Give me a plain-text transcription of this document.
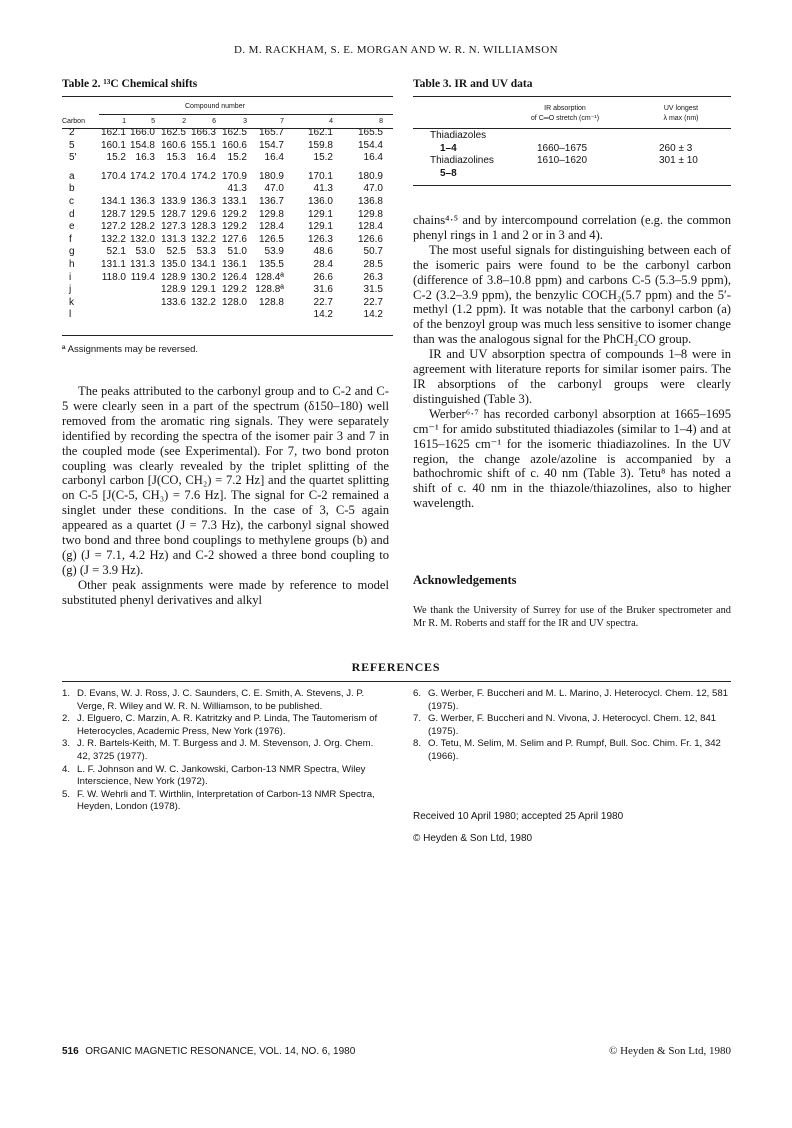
D. M. RACKHAM, S. E. MORGAN AND W. R. N. WILLIAMSON
Table 2. ¹³C Chemical shifts
Compound number
Carbon	1	5	2	6	3	7	4	8
2	162.1	166.0	162.5	166.3	162.5	165.7	162.1	165.5
5	160.1	154.8	160.6	155.1	160.6	154.7	159.8	154.4
5'	15.2	16.3	15.3	16.4	15.2	16.4	15.2	16.4

a	170.4	174.2	170.4	174.2	170.9	180.9	170.1	180.9
b					41.3	47.0	41.3	47.0
c	134.1	136.3	133.9	136.3	133.1	136.7	136.0	136.8
d	128.7	129.5	128.7	129.6	129.2	129.8	129.1	129.8
e	127.2	128.2	127.3	128.3	129.2	128.4	129.1	128.4
f	132.2	132.0	131.3	132.2	127.6	126.5	126.3	126.6
g	52.1	53.0	52.5	53.3	51.0	53.9	48.6	50.7
h	131.1	131.3	135.0	134.1	136.1	135.5	28.4	28.5
i	118.0	119.4	128.9	130.2	126.4	128.4ª	26.6	26.3
j			128.9	129.1	129.2	128.8ª	31.6	31.5
k			133.6	132.2	128.0	128.8	22.7	22.7
l							14.2	14.2
ª Assignments may be reversed.
Table 3. IR and UV data
IR absorption
of C═O stretch (cm⁻¹)
UV longest
λ max (nm)
Thiadiazoles		
1–4	1660–1675	260 ± 3
Thiadiazolines	1610–1620	301 ± 10
5–8		

The peaks attributed to the carbonyl group and to C-2 and C-5 were clearly seen in a part of the spectrum (δ150–180) well removed from the aromatic ring signals. They were separately identified by recording the spectra of the isomer pair 3 and 7 in the coupled mode (see Experimental). For 7, two bond proton coupling was clearly revealed by the triplet splitting of the carbonyl carbon [J(CO, CH₂) = 7.2 Hz] and the quartet splitting on C-5 [J(C-5, CH₃) = 7.6 Hz]. The signal for C-2 remained a singlet under these conditions. In the case of 3, C-5 again appeared as a quartet (J = 7.3 Hz), the carbonyl signal showed two bond and three bond couplings to methylene groups (b) and (g) (J = 7.1, 4.2 Hz) and C-2 showed a three bond coupling to (g) (J = 3.9 Hz).

Other peak assignments were made by reference to model substituted phenyl derivatives and alkyl

chains⁴·⁵ and by intercompound correlation (e.g. the common phenyl rings in 1 and 2 or in 3 and 4).

The most useful signals for distinguishing between each of the isomeric pairs were found to be the carbonyl carbon (difference of 3.8–10.8 ppm) and carbons C-5 (5.3–5.9 ppm), C-2 (3.2–3.9 ppm), the benzylic COCH₂(5.7 ppm) and the 5′-methyl (1.2 ppm). It was notable that the carbonyl carbon (a) of the benzoyl group was much less sensitive to isomer change than was the analogous signal for the PhCH₂CO group.

IR and UV absorption spectra of compounds 1–8 were in agreement with literature reports for similar isomer pairs. The IR absorptions of the carbonyl groups were clearly distinguished (Table 3).

Werber⁶·⁷ has recorded carbonyl absorption at 1665–1695 cm⁻¹ for amido substituted thiadiazoles (similar to 1–4) and at 1615–1625 cm⁻¹ for the isomeric thiadiazolines. In the UV region, the change azole/azoline is accompanied by a bathochromic shift of c. 40 nm (Table 3). Tetu⁸ has noted a shift of c. 40 nm in the thiazole/thiazolines, also to higher wavelength.

Acknowledgements
We thank the University of Surrey for use of the Bruker spectrometer and Mr R. M. Roberts and staff for the IR and UV spectra.
REFERENCES
1. D. Evans, W. J. Ross, J. C. Saunders, C. E. Smith, A. Stevens, J. P. Verge, R. Wiley and W. R. N. Williamson, to be published.
2. J. Elguero, C. Marzin, A. R. Katritzky and P. Linda, The Tautomerism of Heterocycles, Academic Press, New York (1976).
3. J. R. Bartels-Keith, M. T. Burgess and J. M. Stevenson, J. Org. Chem. 42, 3725 (1977).
4. L. F. Johnson and W. C. Jankowski, Carbon-13 NMR Spectra, Wiley Interscience, New York (1972).
5. F. W. Wehrli and T. Wirthlin, Interpretation of Carbon-13 NMR Spectra, Heyden, London (1978).
6. G. Werber, F. Buccheri and M. L. Marino, J. Heterocycl. Chem. 12, 581 (1975).
7. G. Werber, F. Buccheri and N. Vivona, J. Heterocycl. Chem. 12, 841 (1975).
8. O. Tetu, M. Selim, M. Selim and P. Rumpf, Bull. Soc. Chim. Fr. 1, 342 (1966).
Received 10 April 1980; accepted 25 April 1980
© Heyden & Son Ltd, 1980
516 ORGANIC MAGNETIC RESONANCE, VOL. 14, NO. 6, 1980	© Heyden & Son Ltd, 1980
